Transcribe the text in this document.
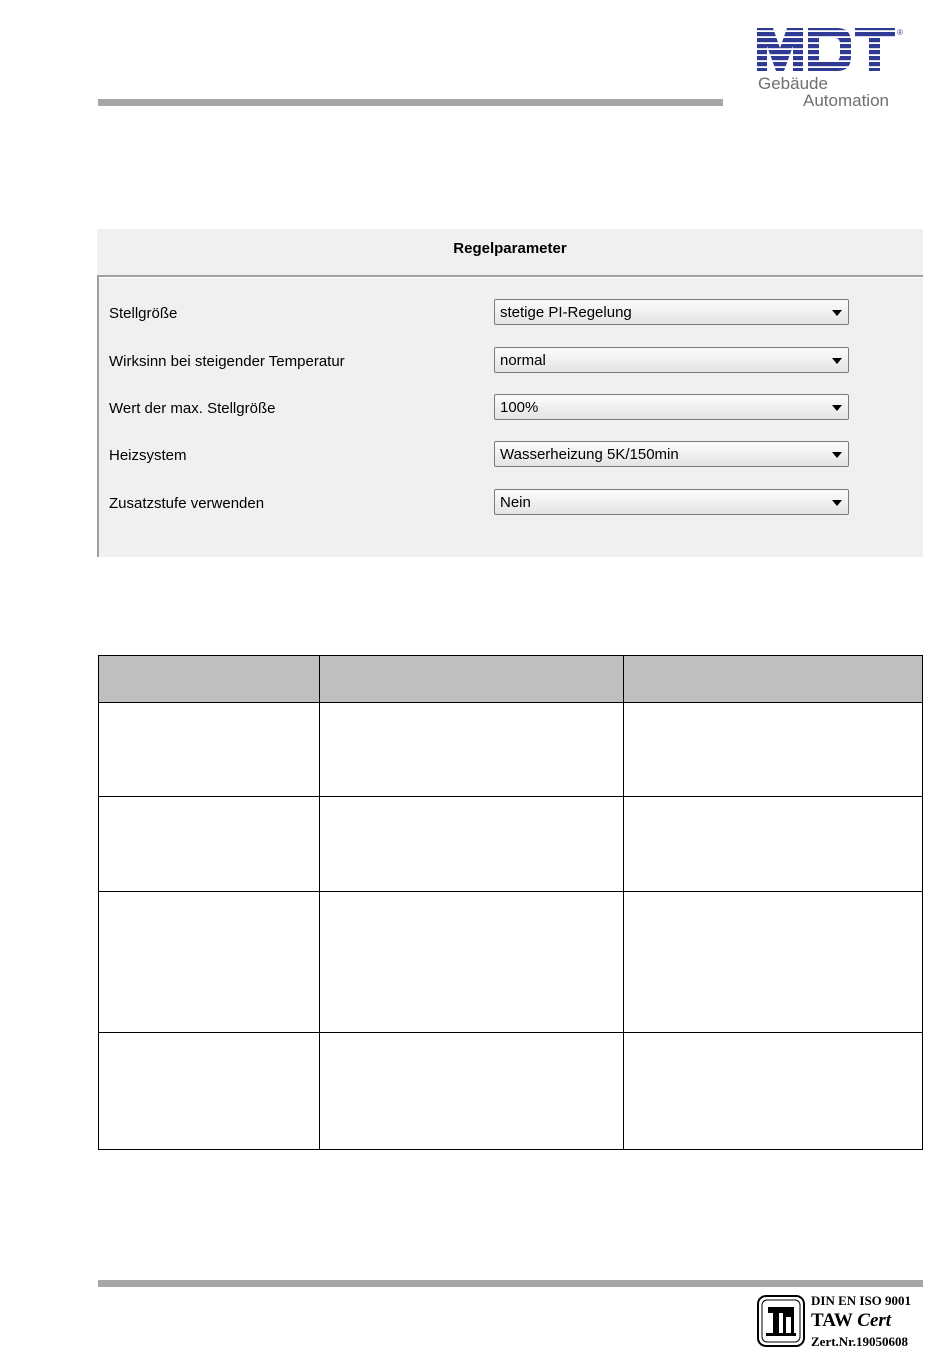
®
Gebäude
Automation
Regelparameter
Stellgröße	stetige PI-Regelung
Wirksinn bei steigender Temperatur	normal
Wert der max. Stellgröße	100%
Heizsystem	Wasserheizung 5K/150min
Zusatzstufe verwenden	Nein

DIN EN ISO 9001
TAW Cert
Zert.Nr.19050608
